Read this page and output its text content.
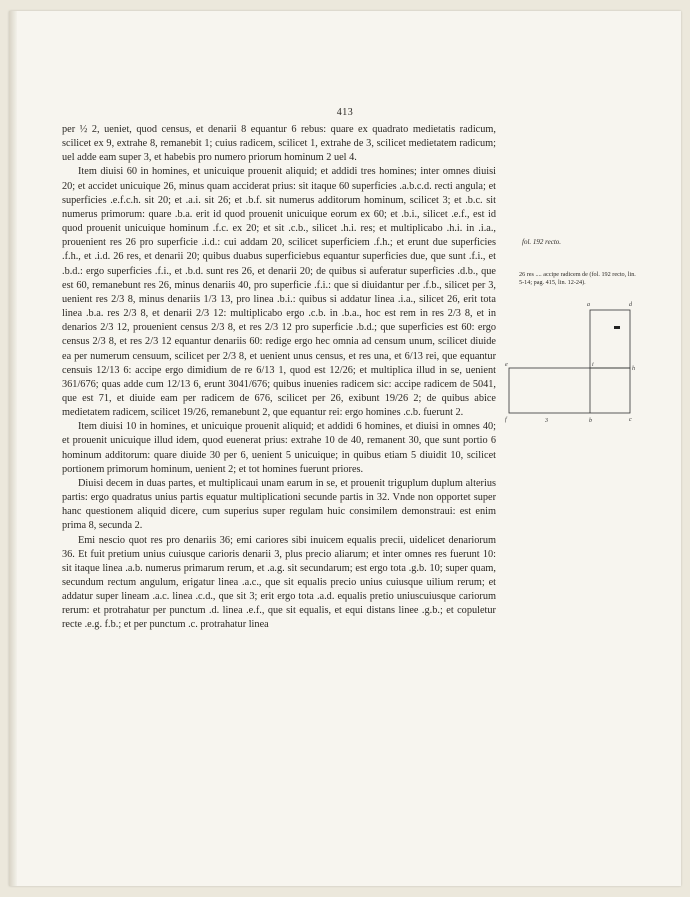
413

per ½ 2, ueniet, quod census, et denarii 8 equantur 6 rebus: quare ex quadrato medietatis radicum, scilicet ex 9, extrahe 8, remanebit 1; cuius radicem, scilicet 1, extrahe de 3, scilicet medietatem radicum; uel adde eam super 3, et habebis pro numero priorum hominum 2 uel 4.

Item diuisi 60 in homines, et unicuique prouenit aliquid; et addidi tres homines; inter omnes diuisi 20; et accidet unicuique 26, minus quam acciderat prius: sit itaque 60 superficies .a.b.c.d. recti angula; et superficies .e.f.c.h. sit 20; et .a.i. sit 26; et .b.f. sit numerus additorum hominum, scilicet 3; et .b.c. sit numerus primorum: quare .b.a. erit id quod prouenit unicuique eorum ex 60; et .b.i., silicet .e.f., est id quod prouenit unicuique hominum .f.c. ex 20; et sit .c.b., silicet .h.i. res; et multiplicabo .h.i. in .i.a., prouenient res 26 pro superficie .i.d.: cui addam 20, scilicet superficiem .f.h.; et erunt due superficies .f.h., et .i.d. 26 res, et denarii 20; quibus duabus superficiebus equantur superficies due, que sunt .f.i., et .b.d.: ergo superficies .f.i., et .b.d. sunt res 26, et denarii 20; de quibus si auferatur superficies .d.b., que est 60, remanebunt res 26, minus denariis 40, pro superficie .f.i.: que si diuidantur per .f.b., silicet per 3, uenient res 2/3 8, minus denariis 1/3 13, pro linea .b.i.: quibus si addatur linea .i.a., silicet 26, erit tota linea .b.a. res 2/3 8, et denarii 2/3 12: multiplicabo ergo .c.b. in .b.a., hoc est rem in res 2/3 8, et in denarios 2/3 12, prouenient census 2/3 8, et res 2/3 12 pro superficie .b.d.; que superficies est 60: ergo census 2/3 8, et res 2/3 12 equantur denariis 60: redige ergo hec omnia ad censum unum, scilicet diuide ea per numerum censuum, scilicet per 2/3 8, et uenient unus census, et res una, et 6/13 rei, que equantur censuis 12/13 6: accipe ergo dimidium de re 6/13 1, quod est 12/26; et multiplica illud in se, uenient 361/676; quas adde cum 12/13 6, erunt 3041/676; quibus inuenies radicem sic: accipe radicem de 5041, que est 71, et diuide eam per radicem de 676, scilicet per 26, exibunt 19/26 2; de quibus abice medietatem radicem, scilicet 19/26, remanebunt 2, que equantur rei: ergo homines .c.b. fuerunt 2.

Item diuisi 10 in homines, et unicuique prouenit aliquid; et addidi 6 homines, et diuisi in omnes 40; et prouenit unicuique illud idem, quod euenerat prius: extrahe 10 de 40, remanent 30, que sunt portio 6 hominum additorum: quare diuide 30 per 6, uenient 5 unicuique; in quibus etiam 5 diuidit 10, scilicet portionem primorum hominum, uenient 2; et tot homines fuerunt priores.

Diuisi decem in duas partes, et multiplicaui unam earum in se, et prouenit triguplum duplum alterius partis: ergo quadratus unius partis equatur multiplicationi secunde partis in 32. Vnde non opportet super hanc questionem aliquid dicere, cum superius super regulam huic consimilem demonstraui: est enim prima 8, secunda 2.

Emi nescio quot res pro denariis 36; emi cariores sibi inuicem equalis precii, uidelicet denariorum 36. Et fuit pretium unius cuiusque carioris denarii 3, plus precio aliarum; et inter omnes res fuerunt 10: sit itaque linea .a.b. numerus primarum rerum, et .a.g. sit secundarum; est ergo tota .g.b. 10; super quam, secundum rectum angulum, erigatur linea .a.c., que sit equalis precio unius cuiusque uilium rerum; et addatur super lineam .a.c. linea .c.d., que sit 3; erit ergo tota .a.d. equalis pretio uniuscuiusque cariorum rerum: et protrahatur per punctum .d. linea .e.f., que sit equalis, et equi distans linee .g.b.; et copuletur recte .e.g. f.b.; et per punctum .c. protrahatur linea

fol. 192 recto.
a	d
e	i
h
f	3	b	c
26 res .... accipe radicem de (fol. 192 recto, lin. 5-14; pag. 415, lin. 12-24).
